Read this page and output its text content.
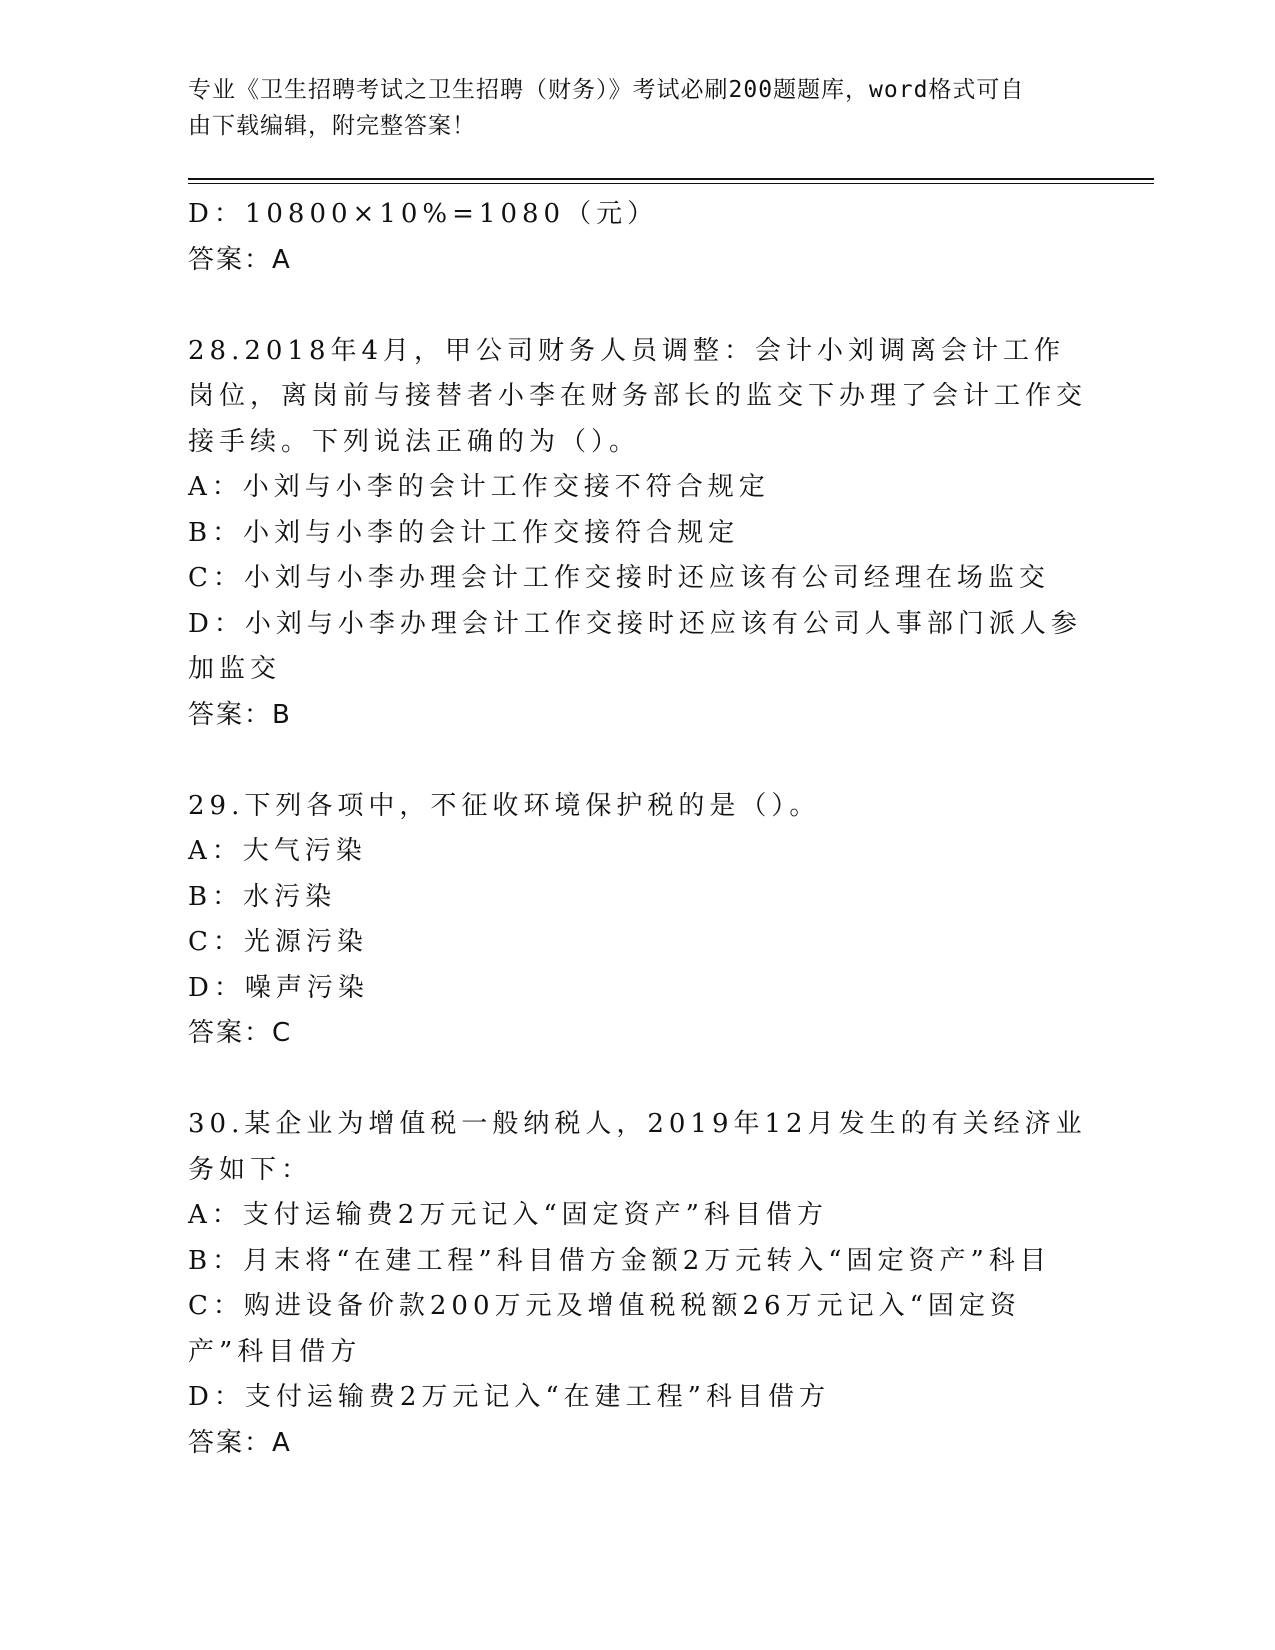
专业《卫生招聘考试之卫生招聘（财务）》考试必刷200题题库，word格式可自
由下载编辑，附完整答案！

D：10800×10%=1080（元）

答案：A

28.2018年4月，甲公司财务人员调整：会计小刘调离会计工作岗位，离岗前与接替者小李在财务部长的监交下办理了会计工作交接手续。下列说法正确的为（）。

A：小刘与小李的会计工作交接不符合规定

B：小刘与小李的会计工作交接符合规定

C：小刘与小李办理会计工作交接时还应该有公司经理在场监交

D：小刘与小李办理会计工作交接时还应该有公司人事部门派人参加监交

答案：B

29.下列各项中，不征收环境保护税的是（）。

A：大气污染

B：水污染

C：光源污染

D：噪声污染

答案：C

30.某企业为增值税一般纳税人，2019年12月发生的有关经济业务如下：

A：支付运输费2万元记入“固定资产”科目借方

B：月末将“在建工程”科目借方金额2万元转入“固定资产”科目

C：购进设备价款200万元及增值税税额26万元记入“固定资产”科目借方

D：支付运输费2万元记入“在建工程”科目借方

答案：A
